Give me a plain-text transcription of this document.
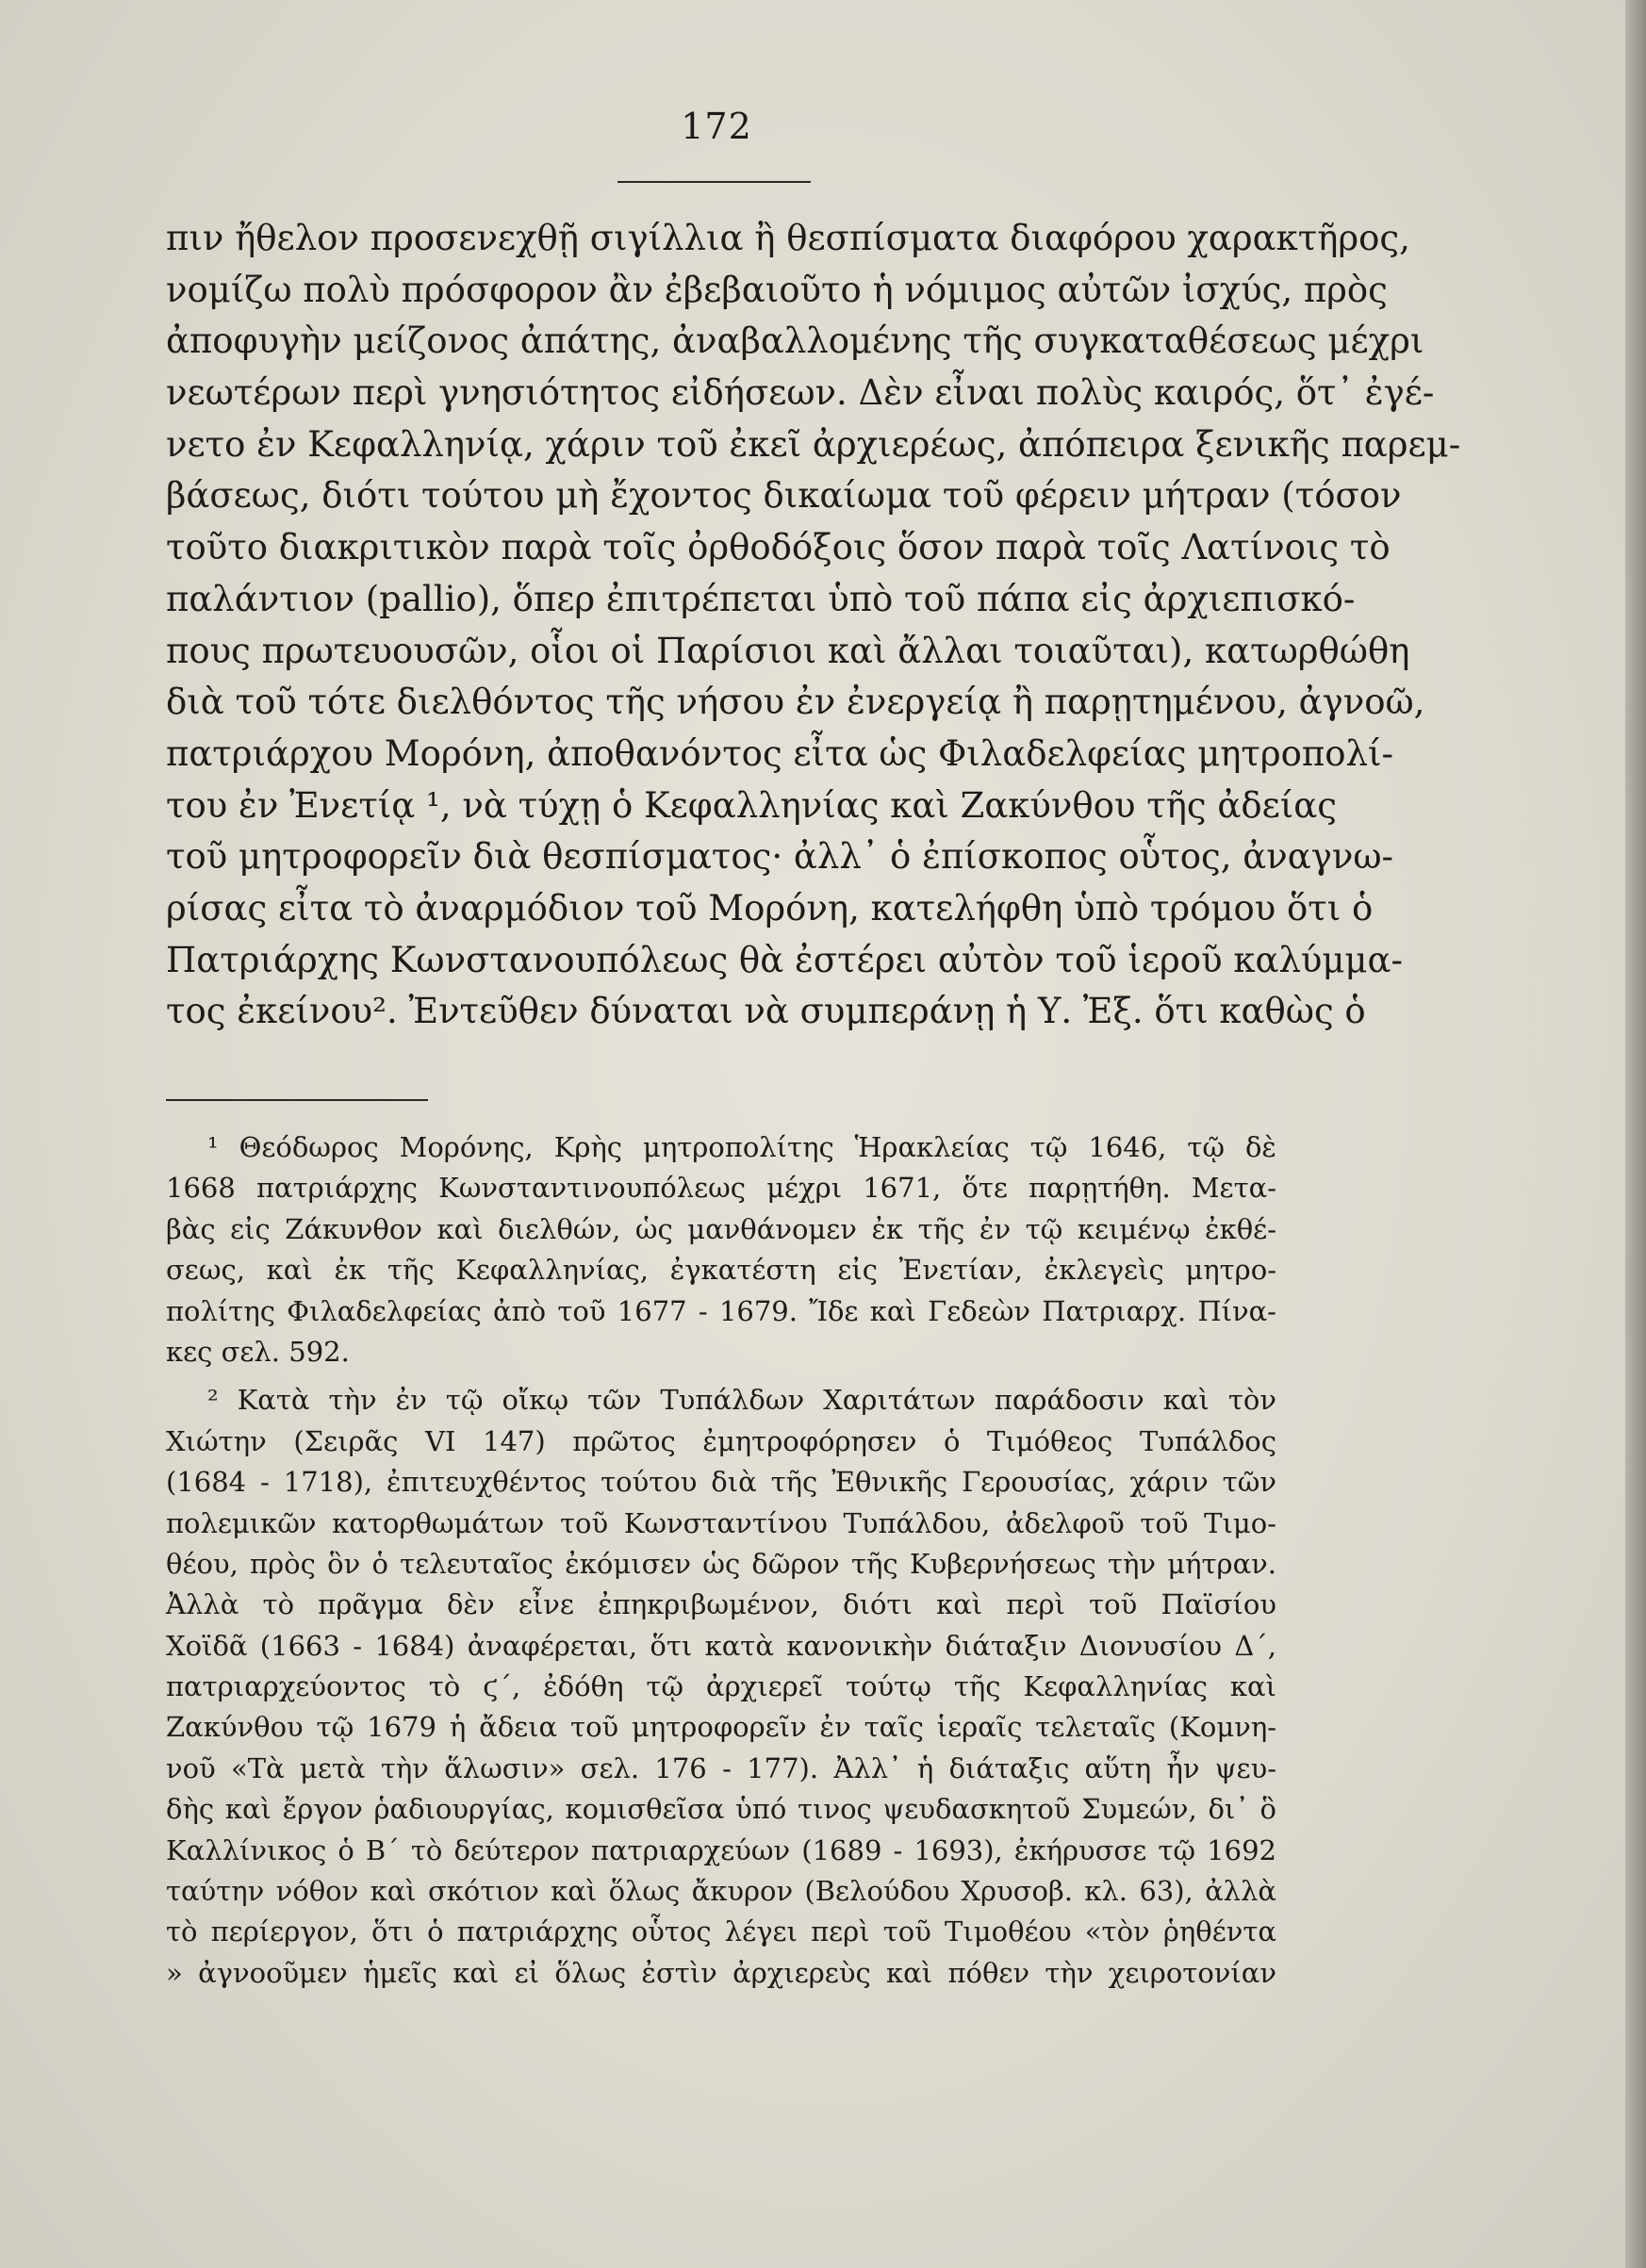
172
πιν ἤθελον προσενεχθῇ σιγίλλια ἢ θεσπίσματα διαφόρου χαρακτῆρος,
νομίζω πολὺ πρόσφορον ἂν ἐβεβαιοῦτο ἡ νόμιμος αὐτῶν ἰσχύς, πρὸς
ἀποφυγὴν μείζονος ἀπάτης, ἀναβαλλομένης τῆς συγκαταθέσεως μέχρι
νεωτέρων περὶ γνησιότητος εἰδήσεων. Δὲν εἶναι πολὺς καιρός, ὅτ᾽ ἐγέ-
νετο ἐν Κεφαλληνίᾳ, χάριν τοῦ ἐκεῖ ἀρχιερέως, ἀπόπειρα ξενικῆς παρεμ-
βάσεως, διότι τούτου μὴ ἔχοντος δικαίωμα τοῦ φέρειν μήτραν (τόσον
τοῦτο διακριτικὸν παρὰ τοῖς ὀρθοδόξοις ὅσον παρὰ τοῖς Λατίνοις τὸ
παλάντιον (pallio), ὅπερ ἐπιτρέπεται ὑπὸ τοῦ πάπα εἰς ἀρχιεπισκό-
πους πρωτευουσῶν, οἷοι οἱ Παρίσιοι καὶ ἄλλαι τοιαῦται), κατωρθώθη
διὰ τοῦ τότε διελθόντος τῆς νήσου ἐν ἐνεργείᾳ ἢ παρῃτημένου, ἀγνοῶ,
πατριάρχου Μορόνη, ἀποθανόντος εἶτα ὡς Φιλαδελφείας μητροπολί-
του ἐν Ἐνετίᾳ ¹, νὰ τύχῃ ὁ Κεφαλληνίας καὶ Ζακύνθου τῆς ἀδείας
τοῦ μητροφορεῖν διὰ θεσπίσματος· ἀλλ᾽ ὁ ἐπίσκοπος οὗτος, ἀναγνω-
ρίσας εἶτα τὸ ἀναρμόδιον τοῦ Μορόνη, κατελήφθη ὑπὸ τρόμου ὅτι ὁ
Πατριάρχης Κωνστανουπόλεως θὰ ἐστέρει αὐτὸν τοῦ ἱεροῦ καλύμμα-
τος ἐκείνου². Ἐντεῦθεν δύναται νὰ συμπεράνῃ ἡ Υ. Ἐξ. ὅτι καθὼς ὁ
¹ Θεόδωρος Μορόνης, Κρὴς μητροπολίτης Ἡρακλείας τῷ 1646, τῷ δὲ
1668 πατριάρχης Κωνσταντινουπόλεως μέχρι 1671, ὅτε παρῃτήθη. Μετα-
βὰς εἰς Ζάκυνθον καὶ διελθών, ὡς μανθάνομεν ἐκ τῆς ἐν τῷ κειμένῳ ἐκθέ-
σεως, καὶ ἐκ τῆς Κεφαλληνίας, ἐγκατέστη εἰς Ἐνετίαν, ἐκλεγεὶς μητρο-
πολίτης Φιλαδελφείας ἀπὸ τοῦ 1677 - 1679. Ἴδε καὶ Γεδεὼν Πατριαρχ. Πίνα-
κες σελ. 592.
² Κατὰ τὴν ἐν τῷ οἴκῳ τῶν Τυπάλδων Χαριτάτων παράδοσιν καὶ τὸν
Χιώτην (Σειρᾶς VI 147) πρῶτος ἐμητροφόρησεν ὁ Τιμόθεος Τυπάλδος
(1684 - 1718), ἐπιτευχθέντος τούτου διὰ τῆς Ἐθνικῆς Γερουσίας, χάριν τῶν
πολεμικῶν κατορθωμάτων τοῦ Κωνσταντίνου Τυπάλδου, ἀδελφοῦ τοῦ Τιμο-
θέου, πρὸς ὃν ὁ τελευταῖος ἐκόμισεν ὡς δῶρον τῆς Κυβερνήσεως τὴν μήτραν.
Ἀλλὰ τὸ πρᾶγμα δὲν εἶνε ἐπηκριβωμένον, διότι καὶ περὶ τοῦ Παϊσίου
Χοϊδᾶ (1663 - 1684) ἀναφέρεται, ὅτι κατὰ κανονικὴν διάταξιν Διονυσίου Δ´,
πατριαρχεύοντος τὸ ϛ´, ἐδόθη τῷ ἀρχιερεῖ τούτῳ τῆς Κεφαλληνίας καὶ
Ζακύνθου τῷ 1679 ἡ ἄδεια τοῦ μητροφορεῖν ἐν ταῖς ἱεραῖς τελεταῖς (Κομνη-
νοῦ «Τὰ μετὰ τὴν ἅλωσιν» σελ. 176 - 177). Ἀλλ᾽ ἡ διάταξις αὕτη ἦν ψευ-
δὴς καὶ ἔργον ῥαδιουργίας, κομισθεῖσα ὑπό τινος ψευδασκητοῦ Συμεών, δι᾽ ὃ
Καλλίνικος ὁ Β´ τὸ δεύτερον πατριαρχεύων (1689 - 1693), ἐκήρυσσε τῷ 1692
ταύτην νόθον καὶ σκότιον καὶ ὅλως ἄκυρον (Βελούδου Χρυσοβ. κλ. 63), ἀλλὰ
τὸ περίεργον, ὅτι ὁ πατριάρχης οὗτος λέγει περὶ τοῦ Τιμοθέου «τὸν ῥηθέντα
» ἀγνοοῦμεν ἡμεῖς καὶ εἰ ὅλως ἐστὶν ἀρχιερεὺς καὶ πόθεν τὴν χειροτονίαν
